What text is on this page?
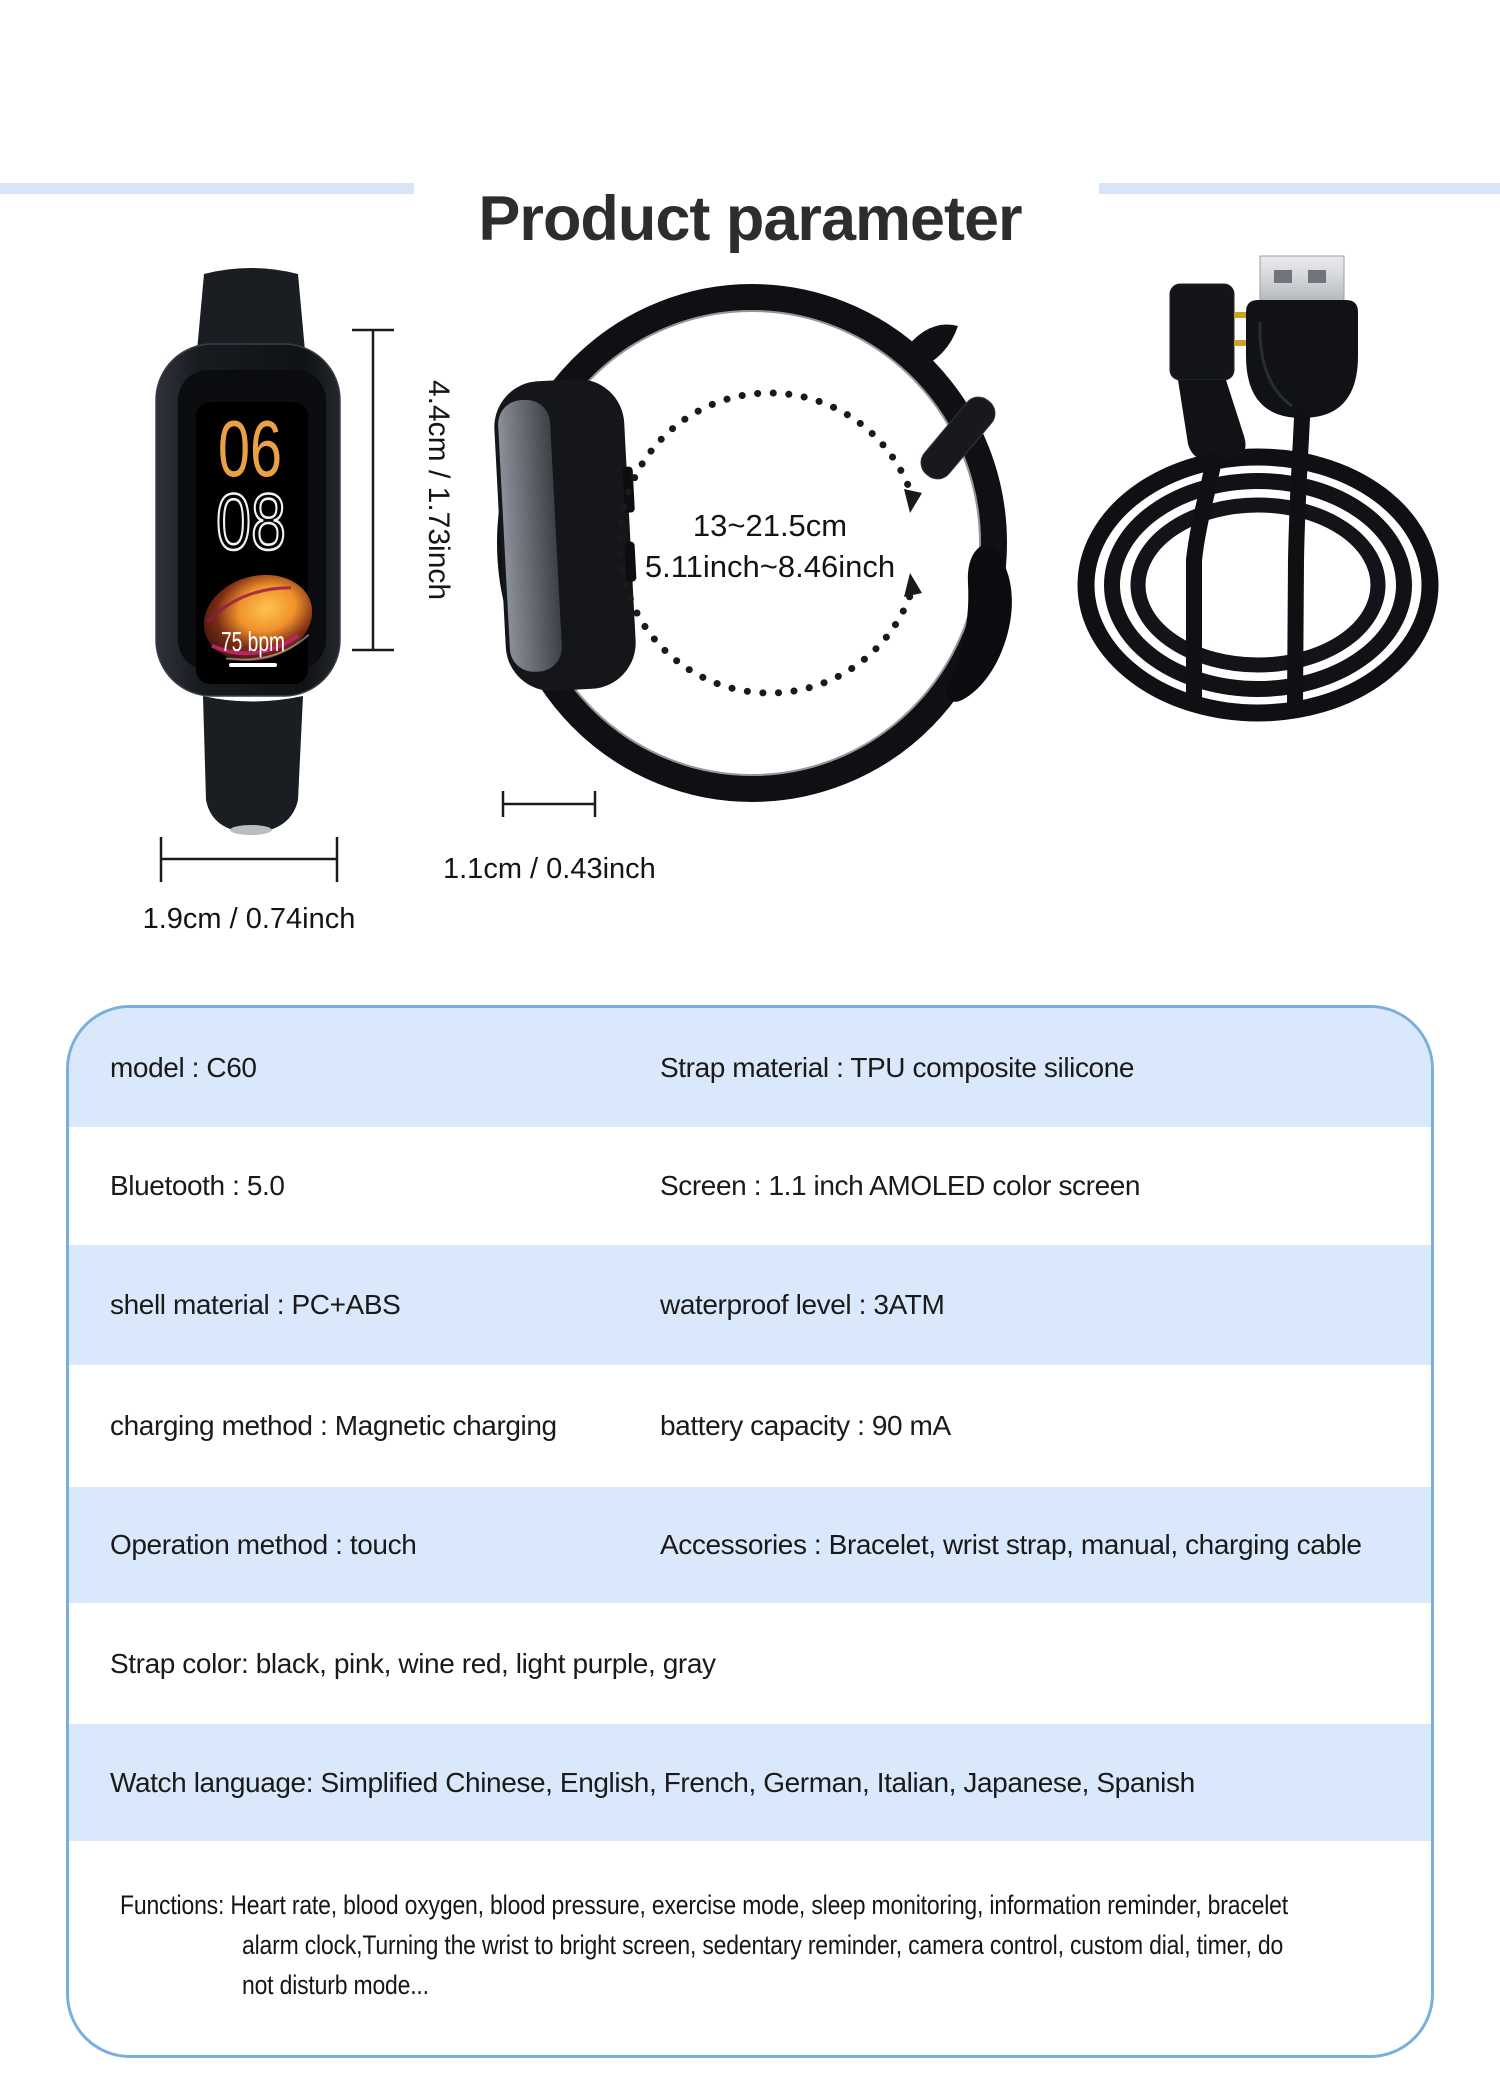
Product parameter
06
08
75 bpm
4.4cm / 1.73inch
1.9cm / 0.74inch
13~21.5cm
5.11inch~8.46inch
1.1cm / 0.43inch
model : C60	Strap material : TPU composite silicone
Bluetooth : 5.0	Screen : 1.1 inch AMOLED color screen
shell material : PC+ABS	waterproof level : 3ATM
charging method : Magnetic charging	battery capacity : 90 mA
Operation method : touch	Accessories : Bracelet, wrist strap, manual, charging cable
Strap color: black, pink, wine red, light purple, gray
Watch language: Simplified Chinese, English, French, German, Italian, Japanese, Spanish
Functions: Heart rate, blood oxygen, blood pressure, exercise mode, sleep monitoring, information reminder, bracelet
alarm clock,Turning the wrist to bright screen, sedentary reminder, camera control, custom dial, timer, do
not disturb mode...
